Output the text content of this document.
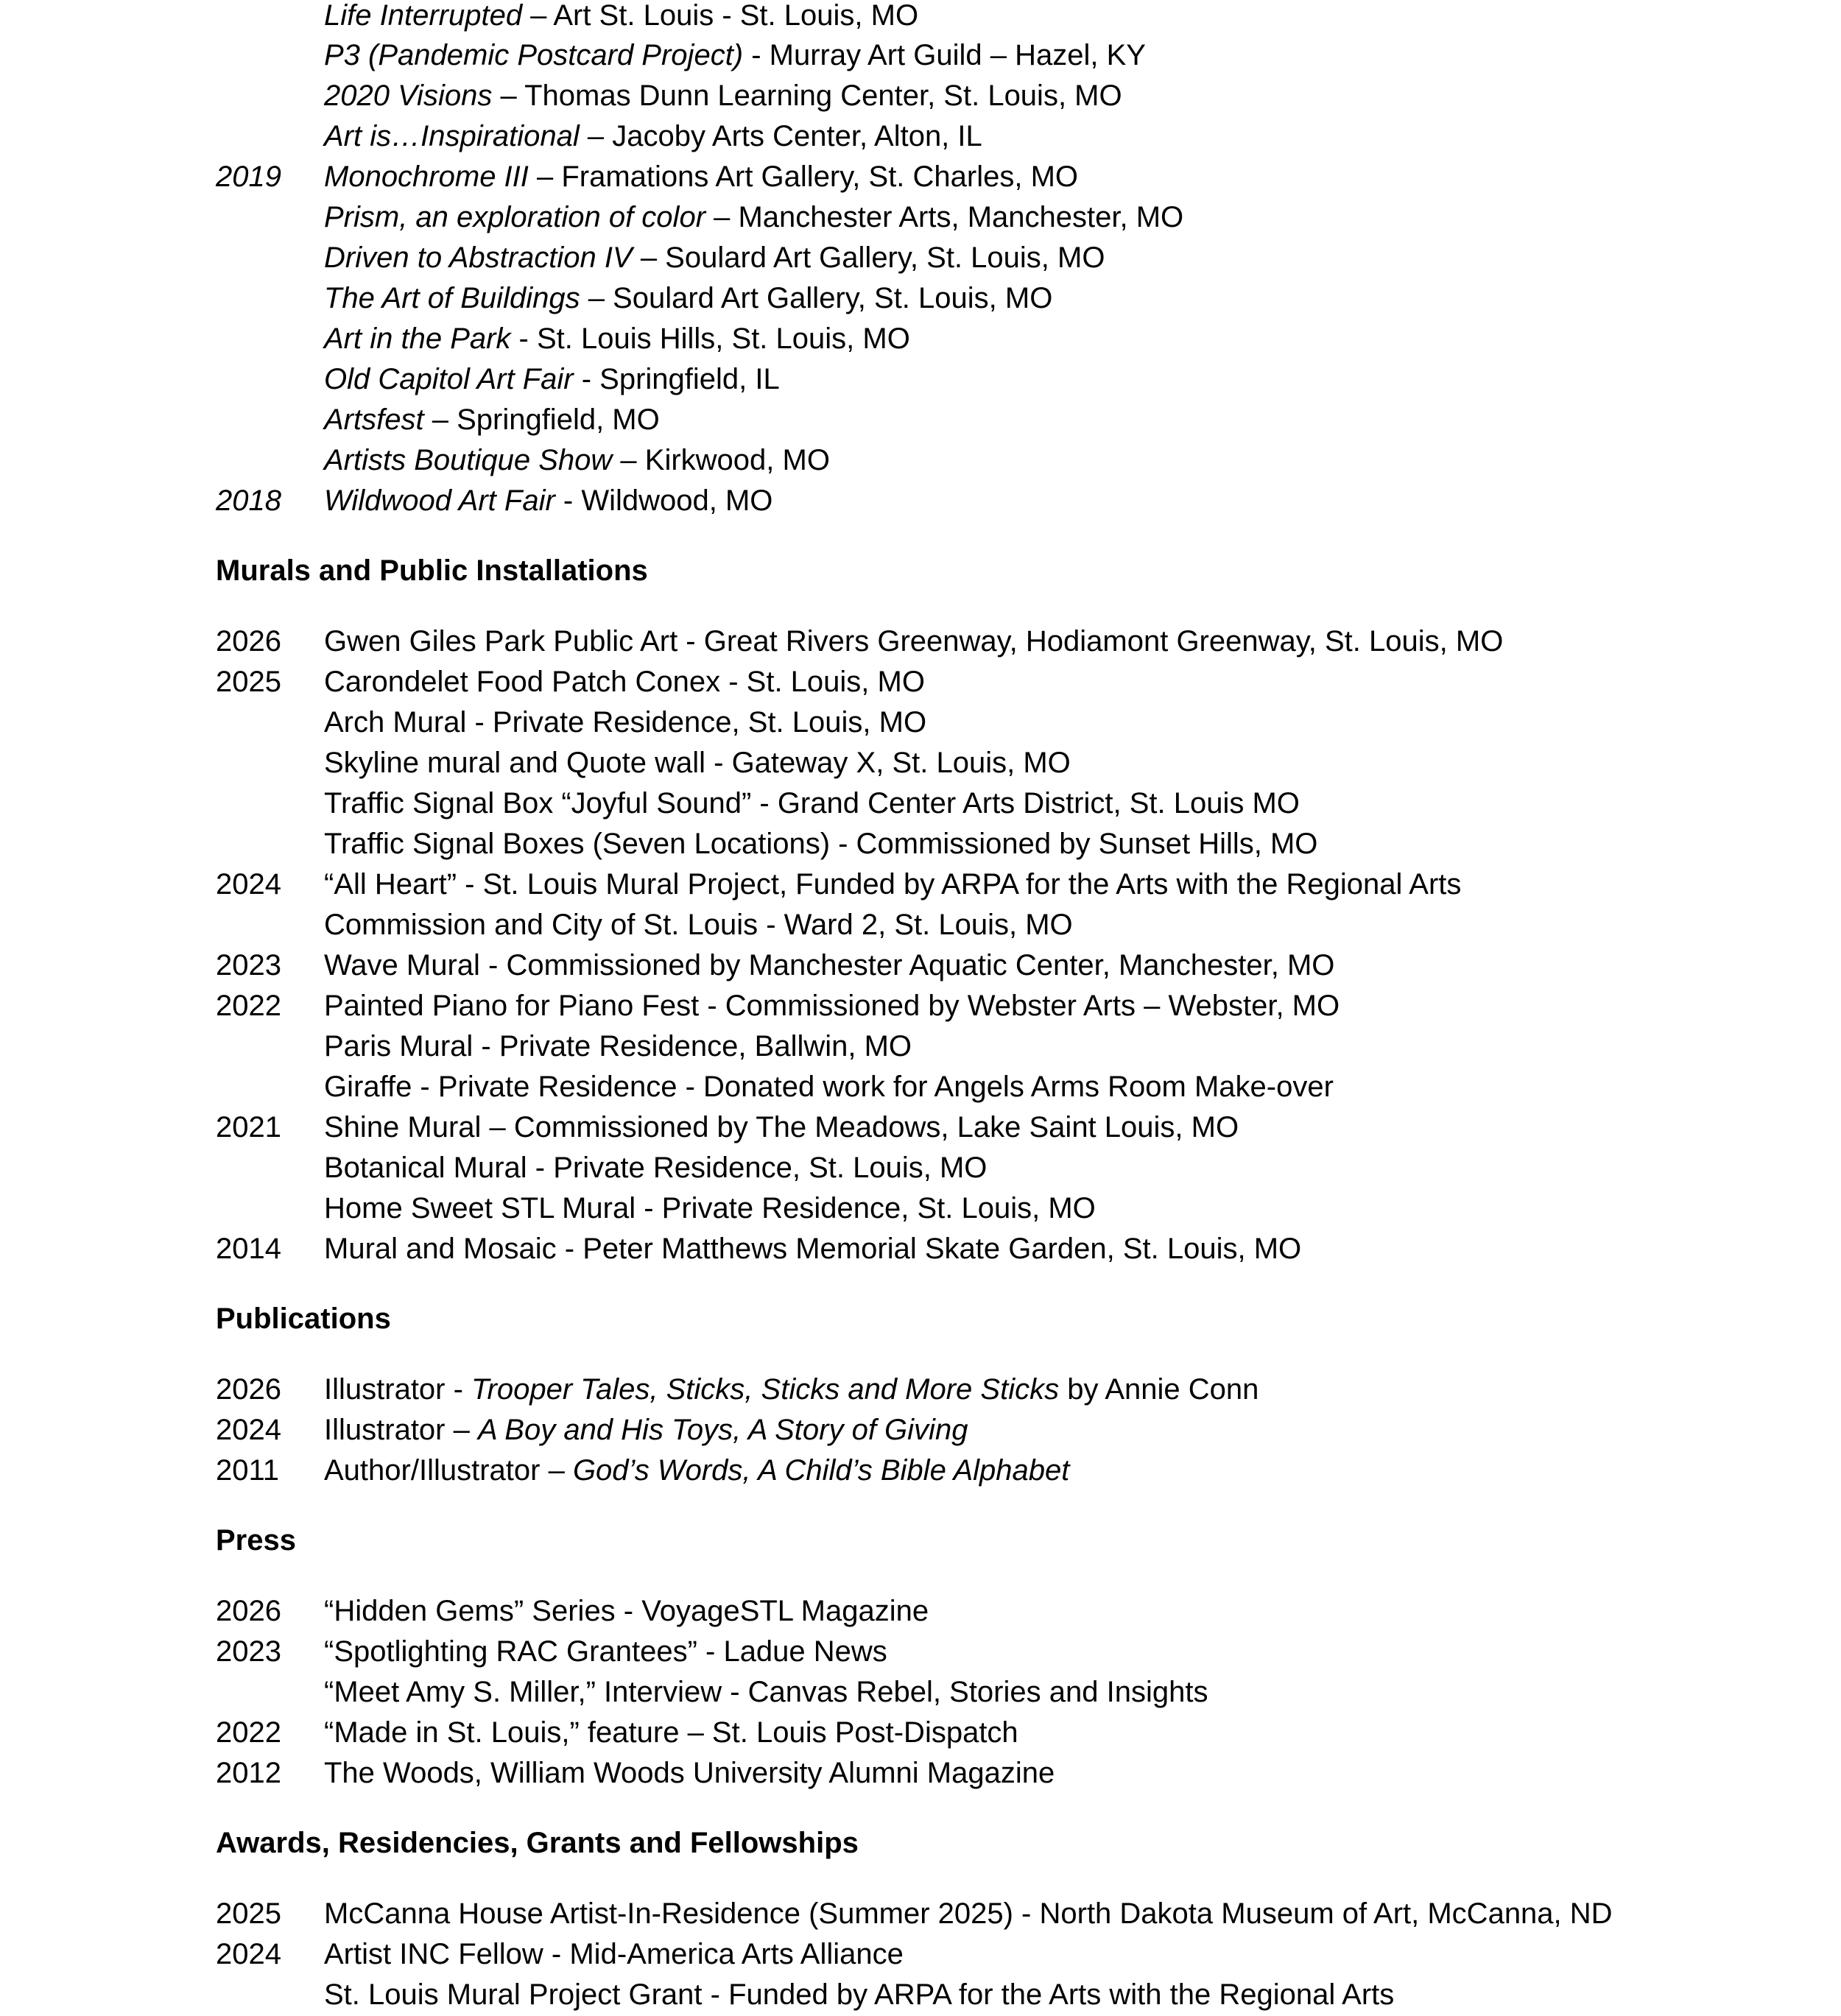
Life Interrupted – Art St. Louis - St. Louis, MO
P3 (Pandemic Postcard Project) - Murray Art Guild – Hazel, KY
2020 Visions – Thomas Dunn Learning Center, St. Louis, MO
Art is…Inspirational – Jacoby Arts Center, Alton, IL
2019 Monochrome III – Framations Art Gallery, St. Charles, MO
Prism, an exploration of color – Manchester Arts, Manchester, MO
Driven to Abstraction IV – Soulard Art Gallery, St. Louis, MO
The Art of Buildings – Soulard Art Gallery, St. Louis, MO
Art in the Park - St. Louis Hills, St. Louis, MO
Old Capitol Art Fair - Springfield, IL
Artsfest – Springfield, MO
Artists Boutique Show – Kirkwood, MO
2018 Wildwood Art Fair - Wildwood, MO
Murals and Public Installations
2026 Gwen Giles Park Public Art - Great Rivers Greenway, Hodiamont Greenway, St. Louis, MO
2025 Carondelet Food Patch Conex - St. Louis, MO
Arch Mural - Private Residence, St. Louis, MO
Skyline mural and Quote wall - Gateway X, St. Louis, MO
Traffic Signal Box “Joyful Sound” - Grand Center Arts District, St. Louis MO
Traffic Signal Boxes (Seven Locations) - Commissioned by Sunset Hills, MO
2024 “All Heart” - St. Louis Mural Project, Funded by ARPA for the Arts with the Regional Arts
Commission and City of St. Louis - Ward 2, St. Louis, MO
2023 Wave Mural - Commissioned by Manchester Aquatic Center, Manchester, MO
2022 Painted Piano for Piano Fest - Commissioned by Webster Arts – Webster, MO
Paris Mural - Private Residence, Ballwin, MO
Giraffe - Private Residence - Donated work for Angels Arms Room Make-over
2021 Shine Mural – Commissioned by The Meadows, Lake Saint Louis, MO
Botanical Mural - Private Residence, St. Louis, MO
Home Sweet STL Mural - Private Residence, St. Louis, MO
2014 Mural and Mosaic - Peter Matthews Memorial Skate Garden, St. Louis, MO
Publications
2026 Illustrator - Trooper Tales, Sticks, Sticks and More Sticks by Annie Conn
2024 Illustrator – A Boy and His Toys, A Story of Giving
2011 Author/Illustrator – God’s Words, A Child’s Bible Alphabet
Press
2026 “Hidden Gems” Series - VoyageSTL Magazine
2023 “Spotlighting RAC Grantees” - Ladue News
“Meet Amy S. Miller,” Interview - Canvas Rebel, Stories and Insights
2022 “Made in St. Louis,” feature – St. Louis Post-Dispatch
2012 The Woods, William Woods University Alumni Magazine
Awards, Residencies, Grants and Fellowships
2025 McCanna House Artist-In-Residence (Summer 2025) - North Dakota Museum of Art, McCanna, ND
2024 Artist INC Fellow - Mid-America Arts Alliance
St. Louis Mural Project Grant - Funded by ARPA for the Arts with the Regional Arts
